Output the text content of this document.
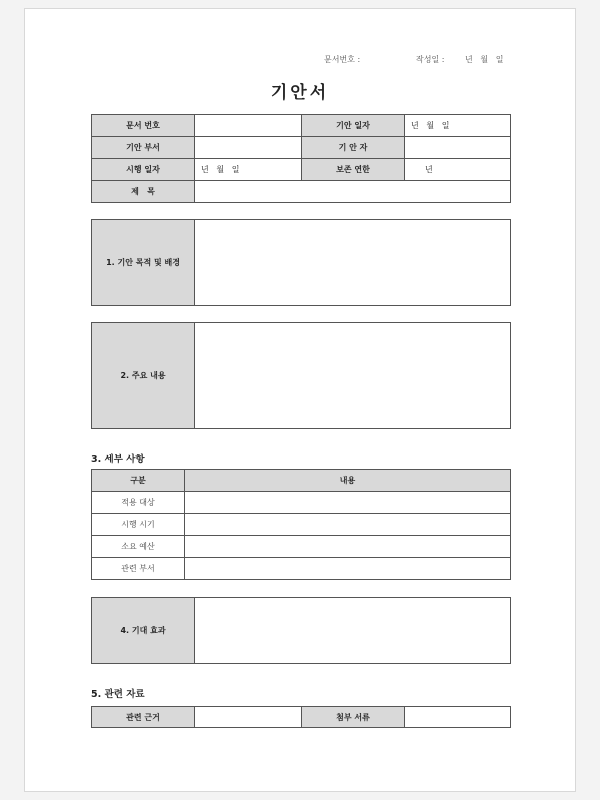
문서번호 :	작성일 :	년   월   일
기안서
문서 번호		기안 일자	년   월   일
기안 부서		기 안 자	
시행 일자	년   월   일	보존 연한	년
제   목			
1. 기안 목적 및 배경	
2. 주요 내용	
3. 세부 사항
구분	내용
적용 대상	
시행 시기	
소요 예산	
관련 부서	
4. 기대 효과	
5. 관련 자료
관련 근거		첨부 서류	
